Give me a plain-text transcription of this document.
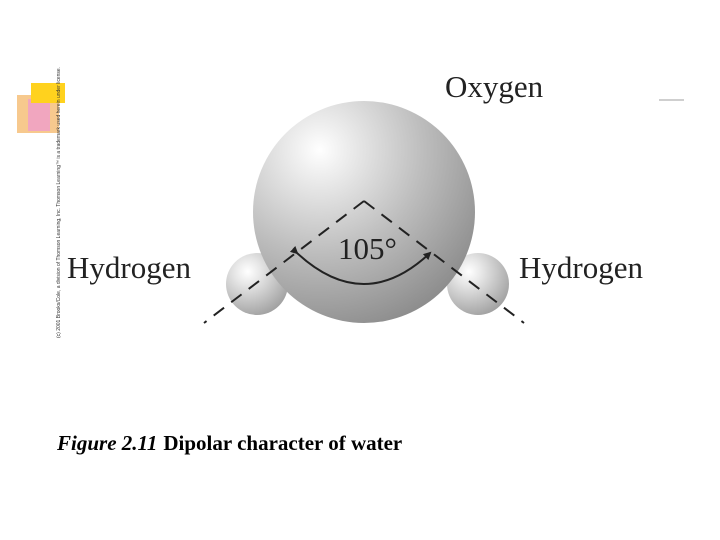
(c) 2001 Brooks/Cole, a division of Thomson Learning, Inc. Thomson Learning™ is a trademark used herein under license.	Oxygen
Hydrogen	Hydrogen
105°
Figure 2.11 Dipolar character of water
